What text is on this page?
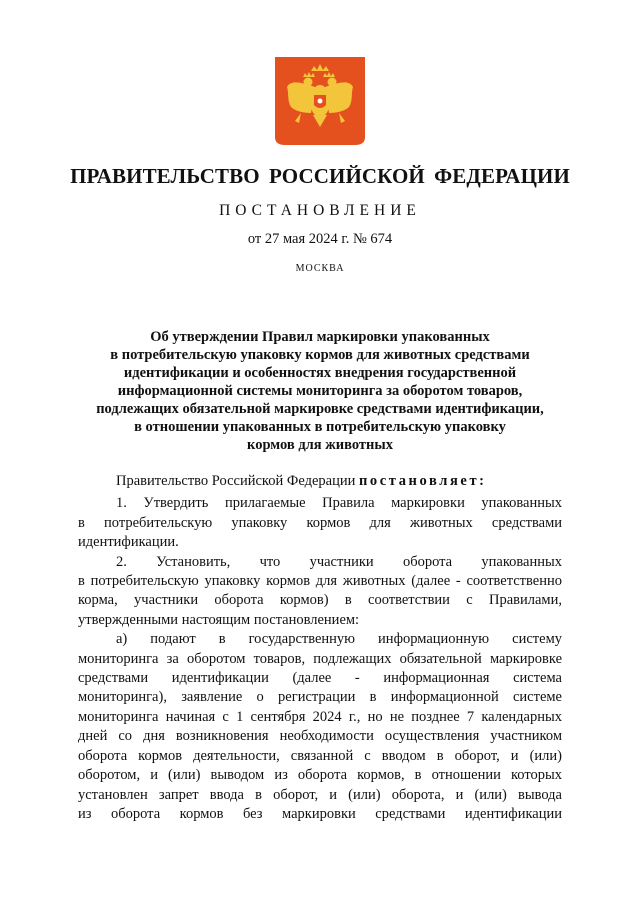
ПРАВИТЕЛЬСТВО РОССИЙСКОЙ ФЕДЕРАЦИИ
ПОСТАНОВЛЕНИЕ
от 27 мая 2024 г. № 674
МОСКВА
Об утверждении Правил маркировки упакованных
в потребительскую упаковку кормов для животных средствами
идентификации и особенностях внедрения государственной
информационной системы мониторинга за оборотом товаров,
подлежащих обязательной маркировке средствами идентификации,
в отношении упакованных в потребительскую упаковку
кормов для животных

Правительство Российской Федерации постановляет:

1. Утвердить прилагаемые Правила маркировки упакованных
в потребительскую упаковку кормов для животных средствами
идентификации.
2. Установить, что участники оборота упакованных
в потребительскую упаковку кормов для животных (далее - соответственно
корма, участники оборота кормов) в соответствии с Правилами,
утвержденными настоящим постановлением:
а) подают в государственную информационную систему
мониторинга за оборотом товаров, подлежащих обязательной маркировке
средствами идентификации (далее - информационная система
мониторинга), заявление о регистрации в информационной системе
мониторинга начиная с 1 сентября 2024 г., но не позднее 7 календарных
дней со дня возникновения необходимости осуществления участником
оборота кормов деятельности, связанной с вводом в оборот, и (или)
оборотом, и (или) выводом из оборота кормов, в отношении которых
установлен запрет ввода в оборот, и (или) оборота, и (или) вывода
из оборота кормов без маркировки средствами идентификации
